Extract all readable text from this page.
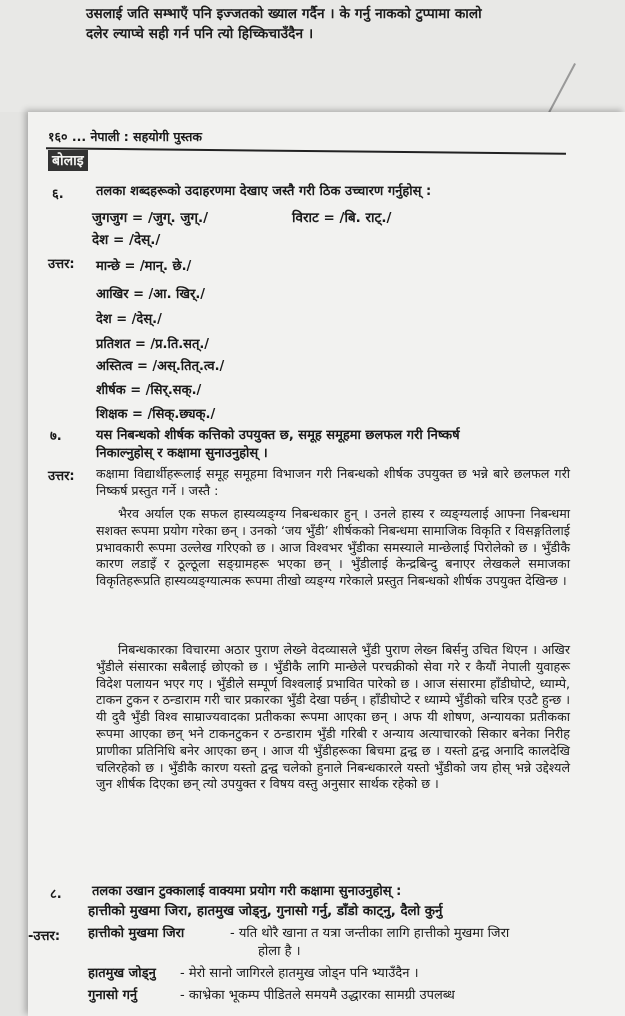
उसलाई जति सम्भाएँ पनि इज्जतको ख्याल गर्दैन । के गर्नु नाकको टुप्पामा कालो
दलेर ल्याप्चे सही गर्न पनि त्यो हिच्किचाउँदैन ।
१६० ... नेपाली : सहयोगी पुस्तक
बोलाइ
६. तलका शब्दहरूको उदाहरणमा देखाए जस्तै गरी ठिक उच्चारण गर्नुहोस् :
जुगजुग = /जुग्. जुग्./	विराट = /बि. राट्./
देश = /देस्./
उत्तर: मान्छे = /मान्. छे./
आखिर = /आ. खिर्./
देश = /देस्./
प्रतिशत = /प्र.ति.सत्./
अस्तित्व = /अस्.तित्.त्व./
शीर्षक = /सिर्.सक्./
शिक्षक = /सिक्.छ्यक्./
७.	यस निबन्धको शीर्षक कत्तिको उपयुक्त छ, समूह समूहमा छलफल गरी निष्कर्ष
निकाल्नुहोस् र कक्षामा सुनाउनुहोस् ।
उत्तर: कक्षामा विद्यार्थीहरूलाई समूह समूहमा विभाजन गरी निबन्धको शीर्षक उपयुक्त छ भन्ने बारे छलफल गरी निष्कर्ष प्रस्तुत गर्ने । जस्तै :
भैरव अर्याल एक सफल हास्यव्यङ्ग्य निबन्धकार हुन् । उनले हास्य र व्यङ्ग्यलाई आफ्ना निबन्धमा सशक्त रूपमा प्रयोग गरेका छन् । उनको ‘जय भुँडी’ शीर्षकको निबन्धमा सामाजिक विकृति र विसङ्गतिलाई प्रभावकारी रूपमा उल्लेख गरिएको छ । आज विश्वभर भुँडीका समस्याले मान्छेलाई पिरोलेको छ । भुँडीकै कारण लडाइँ र ठूल्ठूला सङ्ग्रामहरू भएका छन् । भुँडीलाई केन्द्रबिन्दु बनाएर लेखकले समाजका विकृतिहरूप्रति हास्यव्यङ्ग्यात्मक रूपमा तीखो व्यङ्ग्य गरेकाले प्रस्तुत निबन्धको शीर्षक उपयुक्त देखिन्छ ।
निबन्धकारका विचारमा अठार पुराण लेख्ने वेदव्यासले भुँडी पुराण लेख्न बिर्सनु उचित थिएन । अखिर भुँडीले संसारका सबैलाई छोएको छ । भुँडीकै लागि मान्छेले परचक्रीको सेवा गरे र कैयौं नेपाली युवाहरू विदेश पलायन भएर गए । भुँडीले सम्पूर्ण विश्वलाई प्रभावित पारेको छ । आज संसारमा हाँडीघोप्टे, ध्याम्पे, टाकन टुकन र ठन्डाराम गरी चार प्रकारका भुँडी देखा पर्छन् । हाँडीघोप्टे र ध्याम्पे भुँडीको चरित्र एउटै हुन्छ । यी दुवै भुँडी विश्व साम्राज्यवादका प्रतीकका रूपमा आएका छन् । अफ यी शोषण, अन्यायका प्रतीकका रूपमा आएका छन् भने टाकनटुकन र ठन्डाराम भुँडी गरिबी र अन्याय अत्याचारको सिकार बनेका निरीह प्राणीका प्रतिनिधि बनेर आएका छन् । आज यी भुँडीहरूका बिचमा द्वन्द्व छ । यस्तो द्वन्द्व अनादि कालदेखि चलिरहेको छ । भुँडीकै कारण यस्तो द्वन्द्व चलेको हुनाले निबन्धकारले यस्तो भुँडीको जय होस् भन्ने उद्देश्यले जुन शीर्षक दिएका छन् त्यो उपयुक्त र विषय वस्तु अनुसार सार्थक रहेको छ ।
८. तलका उखान टुक्कालाई वाक्यमा प्रयोग गरी कक्षामा सुनाउनुहोस् :
हात्तीको मुखमा जिरा, हातमुख जोड्नु, गुनासो गर्नु, डाँडो काट्नु, दैलो कुर्नु
-उत्तर: हात्तीको मुखमा जिरा	- यति थोरै खाना त यत्रा जन्तीका लागि हात्तीको मुखमा जिरा
होला है ।
हातमुख जोड्नु - मेरो सानो जागिरले हातमुख जोड्न पनि भ्याउँदैन ।
गुनासो गर्नु	- काभ्रेका भूकम्प पीडितले समयमै उद्धारका सामग्री उपलब्ध
